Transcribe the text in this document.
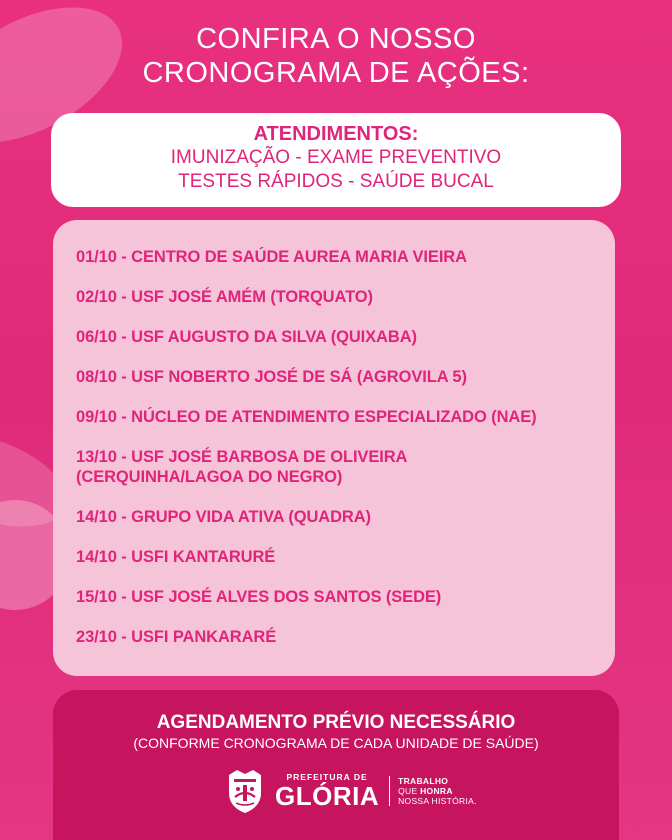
CONFIRA O NOSSO
CRONOGRAMA DE AÇÕES:
ATENDIMENTOS:
IMUNIZAÇÃO - EXAME PREVENTIVO
TESTES RÁPIDOS - SAÚDE BUCAL
01/10 - CENTRO DE SAÚDE AUREA MARIA VIEIRA
02/10 - USF JOSÉ AMÉM (TORQUATO)
06/10 - USF AUGUSTO DA SILVA (QUIXABA)
08/10 - USF NOBERTO JOSÉ DE SÁ (AGROVILA 5)
09/10 - NÚCLEO DE ATENDIMENTO ESPECIALIZADO (NAE)
13/10 - USF JOSÉ BARBOSA DE OLIVEIRA
(CERQUINHA/LAGOA DO NEGRO)
14/10 - GRUPO VIDA ATIVA (QUADRA)
14/10 - USFI KANTARURÉ
15/10 - USF JOSÉ ALVES DOS SANTOS (SEDE)
23/10 - USFI PANKARARÉ
AGENDAMENTO PRÉVIO NECESSÁRIO
(CONFORME CRONOGRAMA DE CADA UNIDADE DE SAÚDE)
PREFEITURA DE
GLÓRIA TRABALHO
QUE HONRA
NOSSA HISTÓRIA.
